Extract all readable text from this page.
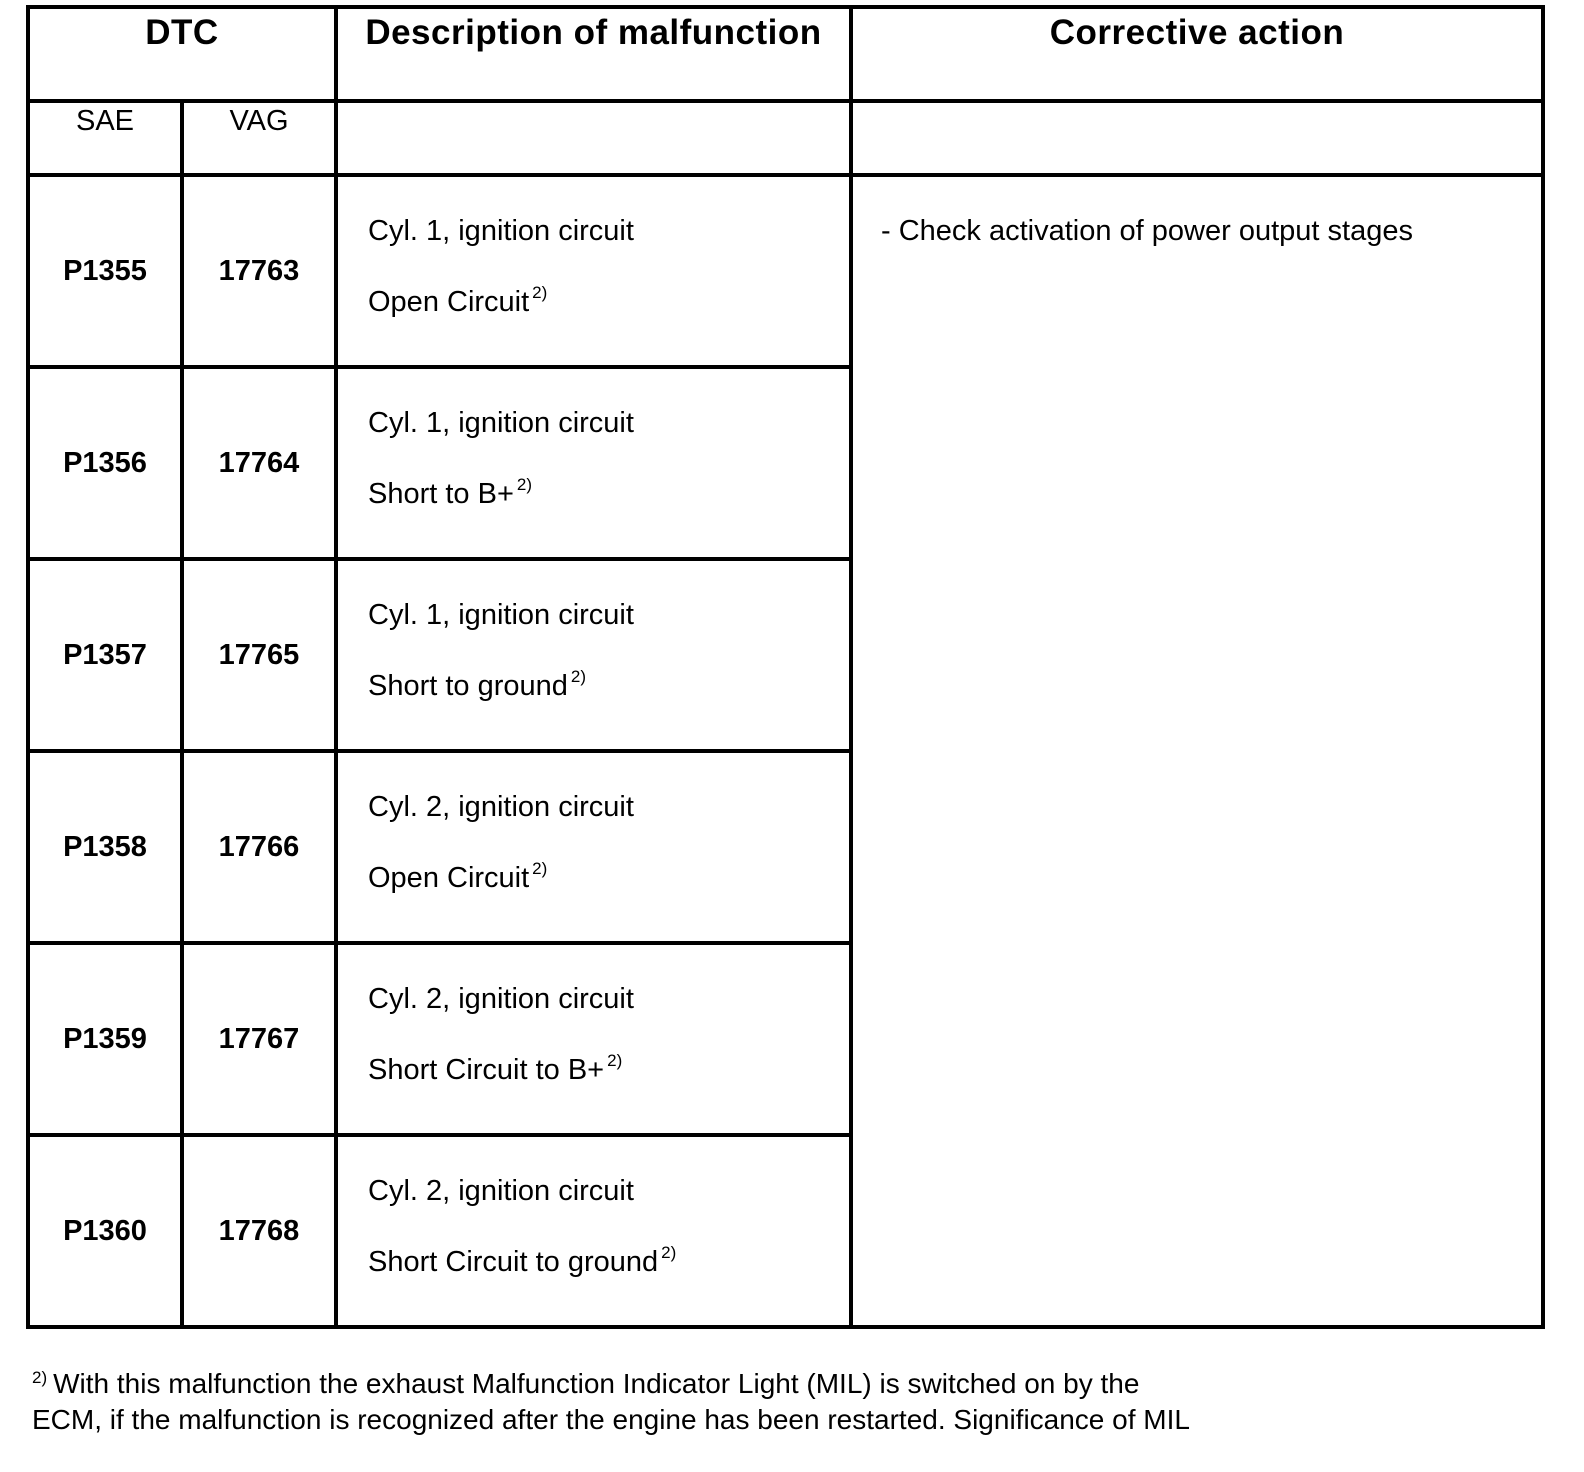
DTC		Description of malfunction	Corrective action
SAE	VAG		
P1355	17763	Cyl. 1, ignition circuit
Open Circuit $^{2)}$	- Check activation of power output stages

P1356	17764	Cyl. 1, ignition circuit
Short to B+ $^{2)}$

P1357	17765	Cyl. 1, ignition circuit
Short to ground $^{2)}$

P1358	17766	Cyl. 2, ignition circuit
Open Circuit $^{2)}$

P1359	17767	Cyl. 2, ignition circuit
Short Circuit to B+ $^{2)}$

P1360	17768	Cyl. 2, ignition circuit
Short Circuit to ground $^{2)}$
$^{2)}$ With this malfunction the exhaust Malfunction Indicator Light (MIL) is switched on by the
ECM, if the malfunction is recognized after the engine has been restarted. Significance of MIL
